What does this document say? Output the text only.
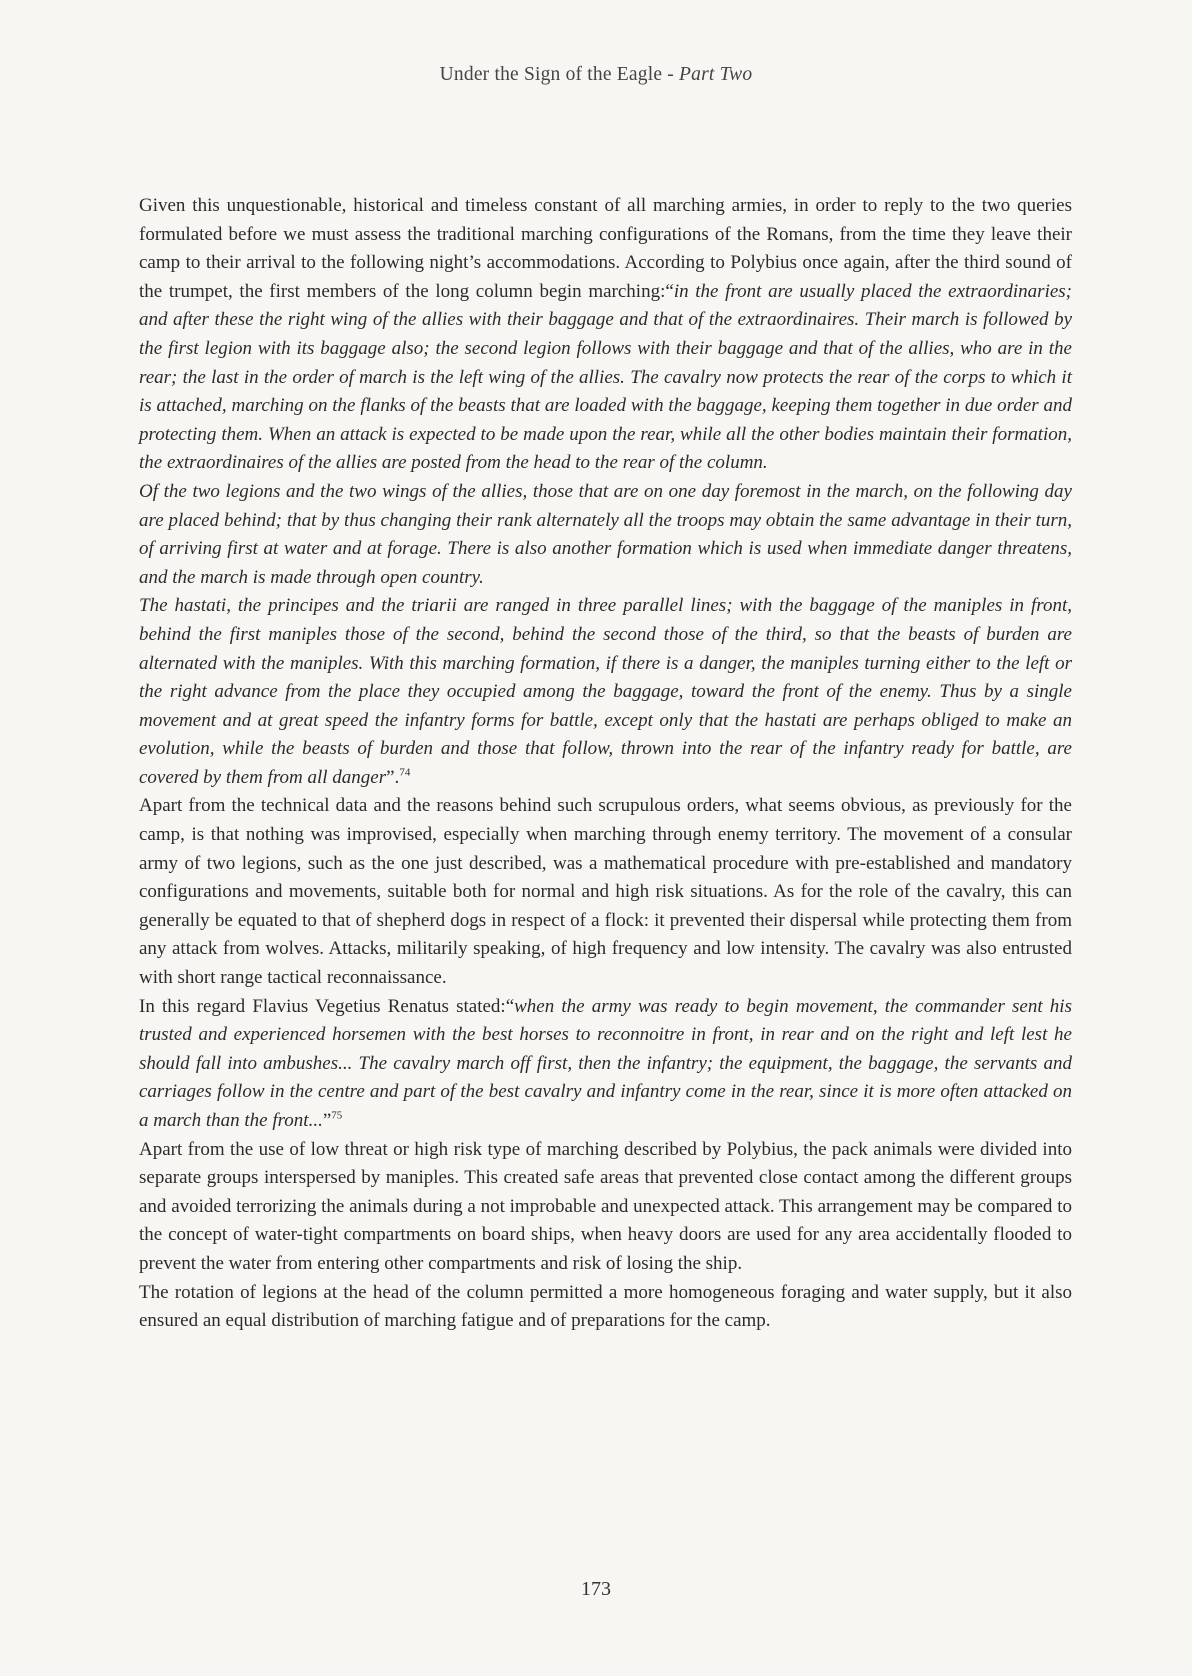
Under the Sign of the Eagle - Part Two

Given this unquestionable, historical and timeless constant of all marching armies, in order to reply to the two queries formulated before we must assess the traditional marching configurations of the Romans, from the time they leave their camp to their arrival to the following night’s accommodations. According to Polybius once again, after the third sound of the trumpet, the first members of the long column begin marching:“in the front are usually placed the extraordinaries; and after these the right wing of the allies with their baggage and that of the extraordinaires. Their march is followed by the first legion with its baggage also; the second legion follows with their baggage and that of the allies, who are in the rear; the last in the order of march is the left wing of the allies. The cavalry now protects the rear of the corps to which it is attached, marching on the flanks of the beasts that are loaded with the baggage, keeping them together in due order and protecting them. When an attack is expected to be made upon the rear, while all the other bodies maintain their formation, the extraordinaires of the allies are posted from the head to the rear of the column.

Of the two legions and the two wings of the allies, those that are on one day foremost in the march, on the following day are placed behind; that by thus changing their rank alternately all the troops may obtain the same advantage in their turn, of arriving first at water and at forage. There is also another formation which is used when immediate danger threatens, and the march is made through open country.

The hastati, the principes and the triarii are ranged in three parallel lines; with the baggage of the maniples in front, behind the first maniples those of the second, behind the second those of the third, so that the beasts of burden are alternated with the maniples. With this marching formation, if there is a danger, the maniples turning either to the left or the right advance from the place they occupied among the baggage, toward the front of the enemy. Thus by a single movement and at great speed the infantry forms for battle, except only that the hastati are perhaps obliged to make an evolution, while the beasts of burden and those that follow, thrown into the rear of the infantry ready for battle, are covered by them from all danger”.$^{74}$

Apart from the technical data and the reasons behind such scrupulous orders, what seems obvious, as previously for the camp, is that nothing was improvised, especially when marching through enemy territory. The movement of a consular army of two legions, such as the one just described, was a mathematical procedure with pre-established and mandatory configurations and movements, suitable both for normal and high risk situations. As for the role of the cavalry, this can generally be equated to that of shepherd dogs in respect of a flock: it prevented their dispersal while protecting them from any attack from wolves. Attacks, militarily speaking, of high frequency and low intensity. The cavalry was also entrusted with short range tactical reconnaissance.

In this regard Flavius Vegetius Renatus stated:“when the army was ready to begin movement, the commander sent his trusted and experienced horsemen with the best horses to reconnoitre in front, in rear and on the right and left lest he should fall into ambushes... The cavalry march off first, then the infantry; the equipment, the baggage, the servants and carriages follow in the centre and part of the best cavalry and infantry come in the rear, since it is more often attacked on a march than the front...”$^{75}$

Apart from the use of low threat or high risk type of marching described by Polybius, the pack animals were divided into separate groups interspersed by maniples. This created safe areas that prevented close contact among the different groups and avoided terrorizing the animals during a not improbable and unexpected attack. This arrangement may be compared to the concept of water-tight compartments on board ships, when heavy doors are used for any area accidentally flooded to prevent the water from entering other compartments and risk of losing the ship.

The rotation of legions at the head of the column permitted a more homogeneous foraging and water supply, but it also ensured an equal distribution of marching fatigue and of preparations for the camp.

173
